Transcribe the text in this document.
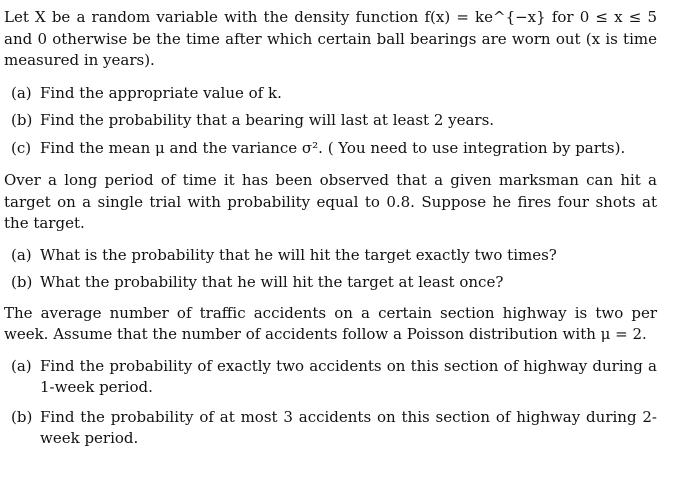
Let X be a random variable with the density function f(x) = ke^{−x} for 0 ≤ x ≤ 5 and 0 otherwise be the time after which certain ball bearings are worn out (x is time measured in years).

(a) Find the appropriate value of k.
(b) Find the probability that a bearing will last at least 2 years.
(c) Find the mean μ and the variance σ². ( You need to use integration by parts).

Over a long period of time it has been observed that a given marksman can hit a target on a single trial with probability equal to 0.8. Suppose he fires four shots at the target.

(a) What is the probability that he will hit the target exactly two times?
(b) What the probability that he will hit the target at least once?

The average number of traffic accidents on a certain section highway is two per week. Assume that the number of accidents follow a Poisson distribution with μ = 2.

(a) Find the probability of exactly two accidents on this section of highway during a 1-week period.
(b) Find the probability of at most 3 accidents on this section of highway during 2-week period.
